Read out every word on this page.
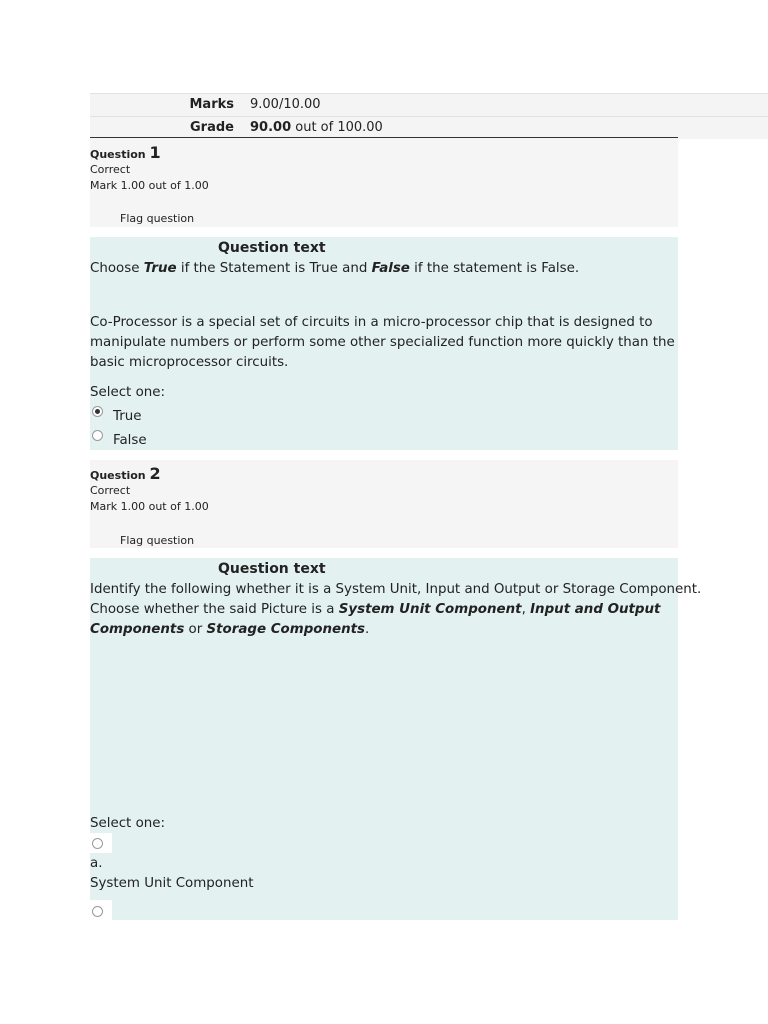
Marks 9.00/10.00
Grade 90.00 out of 100.00
Question 1
Correct
Mark 1.00 out of 1.00
Flag question
Question text
Choose True if the Statement is True and False if the statement is False.
Co-Processor is a special set of circuits in a micro-processor chip that is designed to
manipulate numbers or perform some other specialized function more quickly than the
basic microprocessor circuits.
Select one:
True
False
Question 2
Correct
Mark 1.00 out of 1.00
Flag question
Question text
Identify the following whether it is a System Unit, Input and Output or Storage Component.
Choose whether the said Picture is a System Unit Component, Input and Output
Components or Storage Components.
Select one:
a.
System Unit Component
